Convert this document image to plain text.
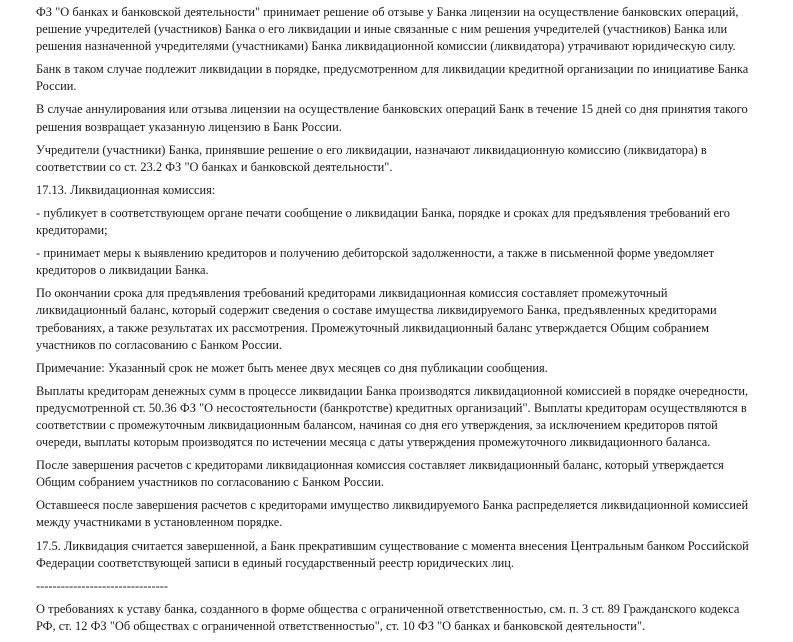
ФЗ "О банках и банковской деятельности" принимает решение об отзыве у Банка лицензии на осуществление банковских операций, решение учредителей (участников) Банка о его ликвидации и иные связанные с ним решения учредителей (участников) Банка или решения назначенной учредителями (участниками) Банка ликвидационной комиссии (ликвидатора) утрачивают юридическую силу.

Банк в таком случае подлежит ликвидации в порядке, предусмотренном для ликвидации кредитной организации по инициативе Банка России.

В случае аннулирования или отзыва лицензии на осуществление банковских операций Банк в течение 15 дней со дня принятия такого решения возвращает указанную лицензию в Банк России.

Учредители (участники) Банка, принявшие решение о его ликвидации, назначают ликвидационную комиссию (ликвидатора) в соответствии со ст. 23.2 ФЗ "О банках и банковской деятельности".

17.13. Ликвидационная комиссия:

- публикует в соответствующем органе печати сообщение о ликвидации Банка, порядке и сроках для предъявления требований его кредиторами;

- принимает меры к выявлению кредиторов и получению дебиторской задолженности, а также в письменной форме уведомляет кредиторов о ликвидации Банка.

По окончании срока для предъявления требований кредиторами ликвидационная комиссия составляет промежуточный ликвидационный баланс, который содержит сведения о составе имущества ликвидируемого Банка, предъявленных кредиторами требованиях, а также результатах их рассмотрения. Промежуточный ликвидационный баланс утверждается Общим собранием участников по согласованию с Банком России.

Примечание: Указанный срок не может быть менее двух месяцев со дня публикации сообщения.

Выплаты кредиторам денежных сумм в процессе ликвидации Банка производятся ликвидационной комиссией в порядке очередности, предусмотренной ст. 50.36 ФЗ "О несостоятельности (банкротстве) кредитных организаций". Выплаты кредиторам осуществляются в соответствии с промежуточным ликвидационным балансом, начиная со дня его утверждения, за исключением кредиторов пятой очереди, выплаты которым производятся по истечении месяца с даты утверждения промежуточного ликвидационного баланса.

После завершения расчетов с кредиторами ликвидационная комиссия составляет ликвидационный баланс, который утверждается Общим собранием участников по согласованию с Банком России.

Оставшееся после завершения расчетов с кредиторами имущество ликвидируемого Банка распределяется ликвидационной комиссией между участниками в установленном порядке.

17.5. Ликвидация считается завершенной, а Банк прекратившим существование с момента внесения Центральным банком Российской Федерации соответствующей записи в единый государственный реестр юридических лиц.

--------------------------------

О требованиях к уставу банка, созданного в форме общества с ограниченной ответственностью, см. п. 3 ст. 89 Гражданского кодекса РФ, ст. 12 ФЗ "Об обществах с ограниченной ответственностью", ст. 10 ФЗ "О банках и банковской деятельности".
